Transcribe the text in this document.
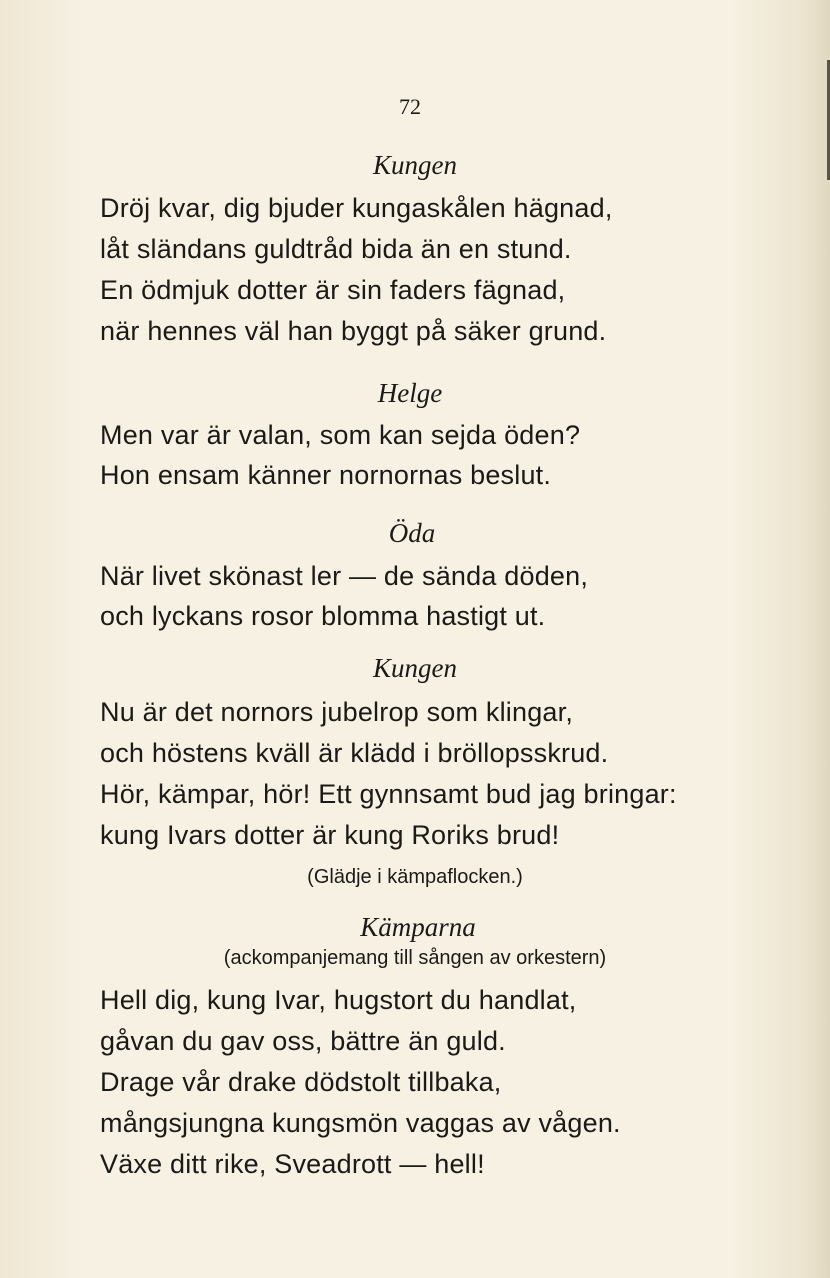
72
Kungen
Dröj kvar, dig bjuder kungaskålen hägnad,
låt sländans guldtråd bida än en stund.
En ödmjuk dotter är sin faders fägnad,
när hennes väl han byggt på säker grund.
Helge
Men var är valan, som kan sejda öden?
Hon ensam känner nornornas beslut.
Öda
När livet skönast ler — de sända döden,
och lyckans rosor blomma hastigt ut.
Kungen
Nu är det nornors jubelrop som klingar,
och höstens kväll är klädd i bröllopsskrud.
Hör, kämpar, hör! Ett gynnsamt bud jag bringar:
kung Ivars dotter är kung Roriks brud!
(Glädje i kämpaflocken.)
Kämparna
(ackompanjemang till sången av orkestern)
Hell dig, kung Ivar, hugstort du handlat,
gåvan du gav oss, bättre än guld.
Drage vår drake dödstolt tillbaka,
mångsjungna kungsmön vaggas av vågen.
Växe ditt rike, Sveadrott — hell!
